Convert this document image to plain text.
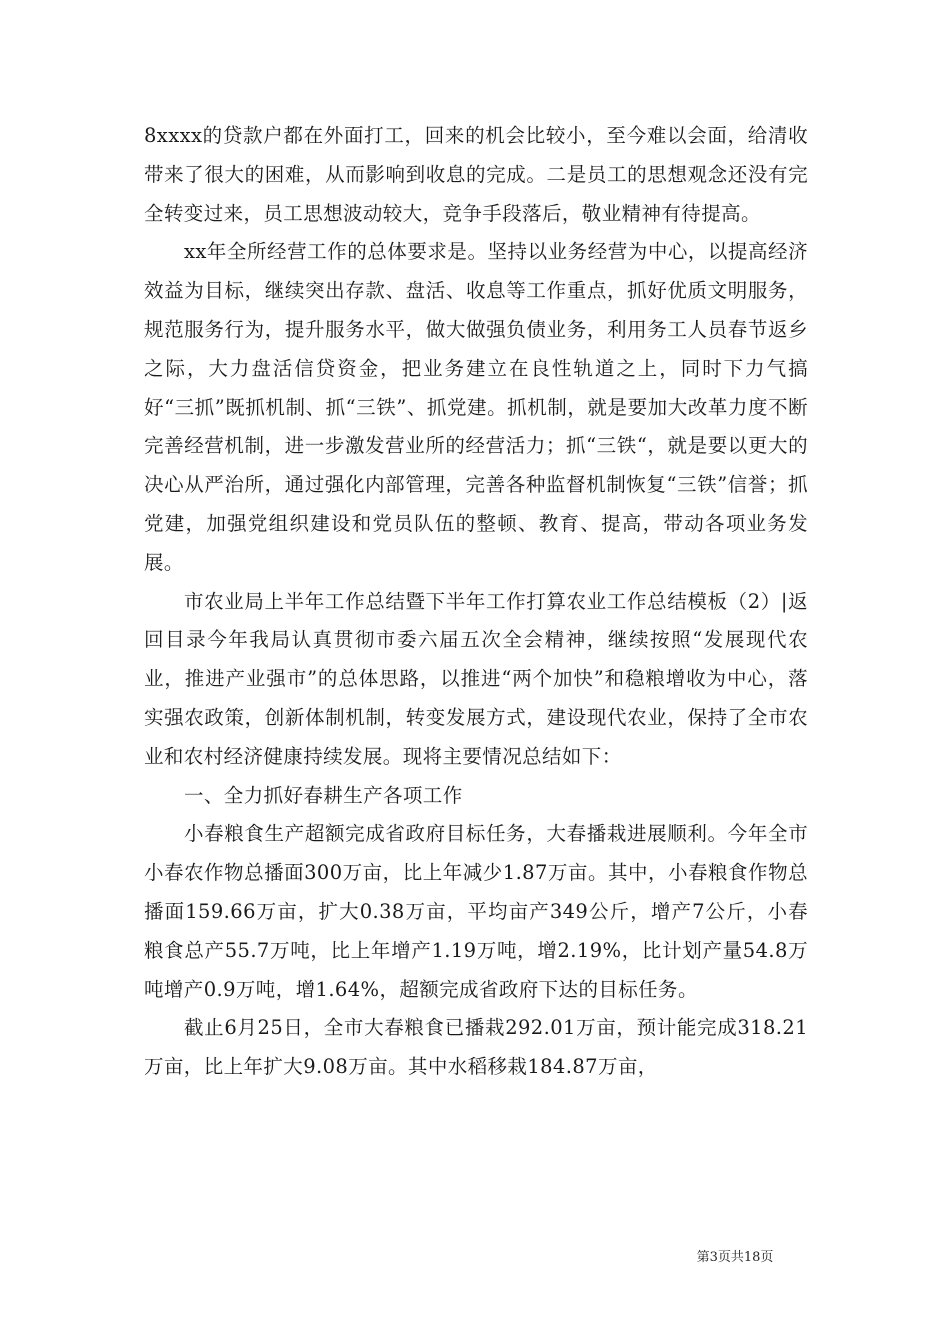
8xxxx的贷款户都在外面打工，回来的机会比较小，至今难以会面，给清收带来了很大的困难，从而影响到收息的完成。二是员工的思想观念还没有完全转变过来，员工思想波动较大，竞争手段落后，敬业精神有待提高。

xx年全所经营工作的总体要求是。坚持以业务经营为中心，以提高经济效益为目标，继续突出存款、盘活、收息等工作重点，抓好优质文明服务，规范服务行为，提升服务水平，做大做强负债业务，利用务工人员春节返乡之际，大力盘活信贷资金，把业务建立在良性轨道之上，同时下力气搞好“三抓”既抓机制、抓“三铁”、抓党建。抓机制，就是要加大改革力度不断完善经营机制，进一步激发营业所的经营活力；抓“三铁“，就是要以更大的决心从严治所，通过强化内部管理，完善各种监督机制恢复“三铁”信誉；抓党建，加强党组织建设和党员队伍的整顿、教育、提高，带动各项业务发展。

市农业局上半年工作总结暨下半年工作打算农业工作总结模板（2）|返回目录今年我局认真贯彻市委六届五次全会精神，继续按照“发展现代农业，推进产业强市”的总体思路，以推进“两个加快”和稳粮增收为中心，落实强农政策，创新体制机制，转变发展方式，建设现代农业，保持了全市农业和农村经济健康持续发展。现将主要情况总结如下：

一、全力抓好春耕生产各项工作

小春粮食生产超额完成省政府目标任务，大春播栽进展顺利。今年全市小春农作物总播面300万亩，比上年减少1.87万亩。其中，小春粮食作物总播面159.66万亩，扩大0.38万亩，平均亩产349公斤，增产7公斤，小春粮食总产55.7万吨，比上年增产1.19万吨，增2.19%，比计划产量54.8万吨增产0.9万吨，增1.64%，超额完成省政府下达的目标任务。

截止6月25日，全市大春粮食已播栽292.01万亩，预计能完成318.21万亩，比上年扩大9.08万亩。其中水稻移栽184.87万亩，

第3页共18页
